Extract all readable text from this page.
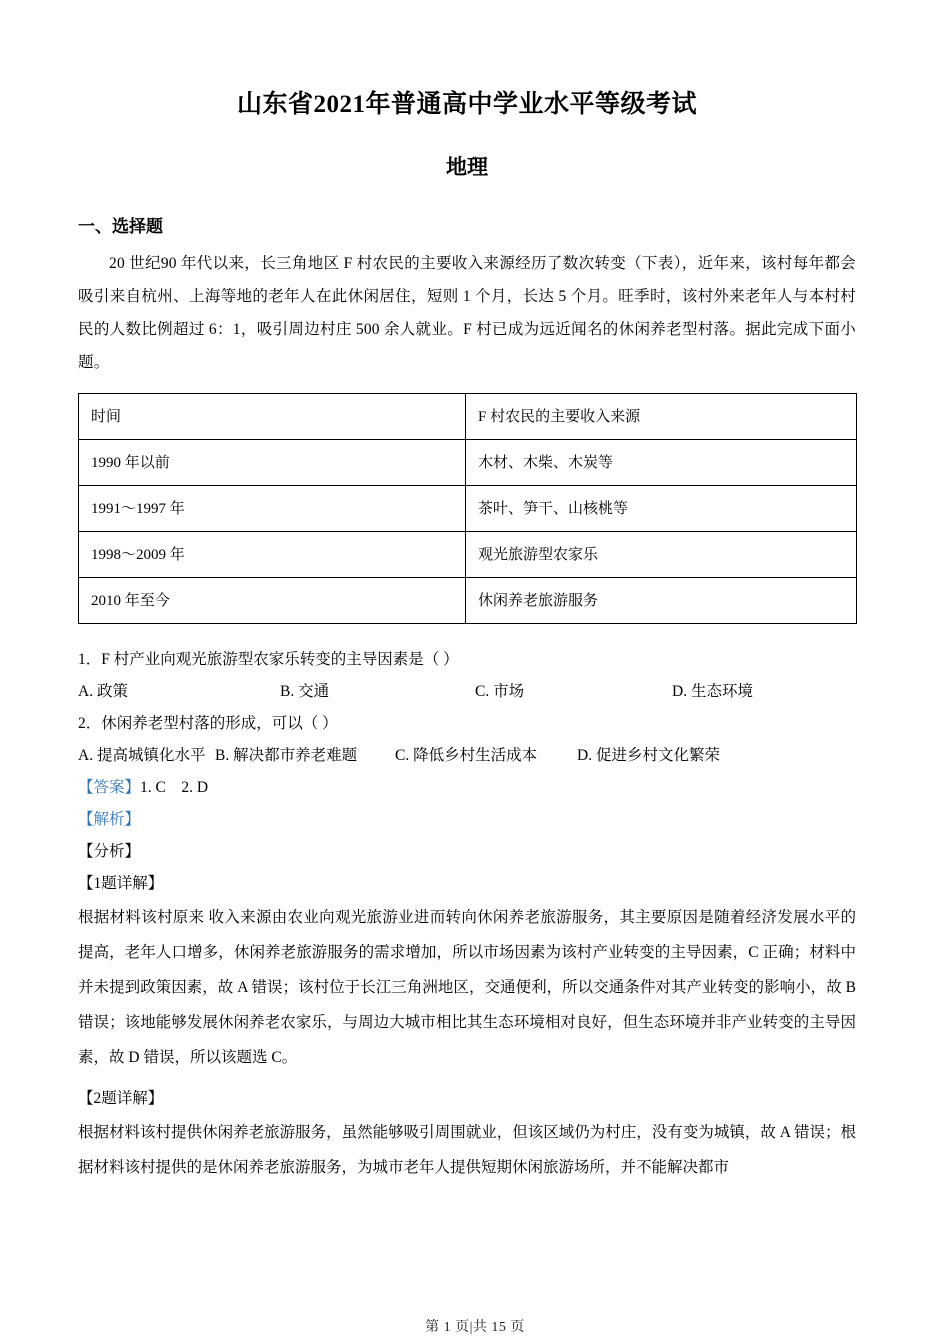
山东省2021年普通高中学业水平等级考试
地理
一、选择题

20 世纪90 年代以来，长三角地区 F 村农民的主要收入来源经历了数次转变（下表），近年来，该村每年都会吸引来自杭州、上海等地的老年人在此休闲居住，短则 1 个月，长达 5 个月。旺季时，该村外来老年人与本村村民的人数比例超过 6：1，吸引周边村庄 500 余人就业。F 村已成为远近闻名的休闲养老型村落。据此完成下面小题。

时间	F 村农民的主要收入来源
1990 年以前	木材、木柴、木炭等
1991～1997 年	茶叶、笋干、山核桃等
1998～2009 年	观光旅游型农家乐
2010 年至今	休闲养老旅游服务

1．F 村产业向观光旅游型农家乐转变的主导因素是（ ）

A. 政策	B. 交通	C. 市场	D. 生态环境

2．休闲养老型村落的形成，可以（ ）

A. 提高城镇化水平 B. 解决都市养老难题 C. 降低乡村生活成本	D. 促进乡村文化繁荣

【答案】1. C    2. D

【解析】

【分析】

【1题详解】

根据材料该村原来 收入来源由农业向观光旅游业进而转向休闲养老旅游服务，其主要原因是随着经济发展水平的提高，老年人口增多，休闲养老旅游服务的需求增加，所以市场因素为该村产业转变的主导因素，C 正确；材料中并未提到政策因素，故 A 错误；该村位于长江三角洲地区，交通便利，所以交通条件对其产业转变的影响小，故 B 错误；该地能够发展休闲养老农家乐，与周边大城市相比其生态环境相对良好，但生态环境并非产业转变的主导因素，故 D 错误，所以该题选 C。

【2题详解】

根据材料该村提供休闲养老旅游服务，虽然能够吸引周围就业，但该区域仍为村庄，没有变为城镇，故 A 错误；根据材料该村提供的是休闲养老旅游服务，为城市老年人提供短期休闲旅游场所，并不能解决都市

第 1 页|共 15 页
